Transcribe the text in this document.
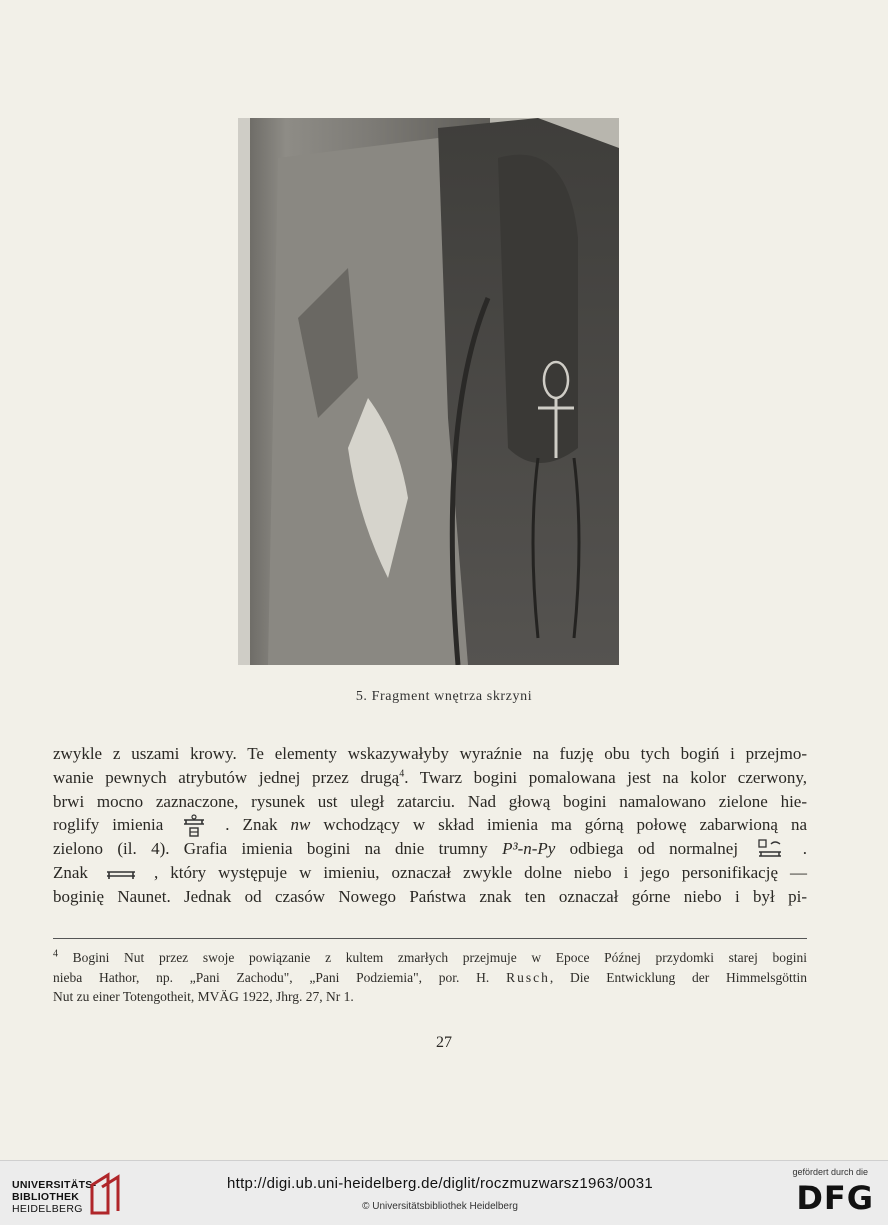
5. Fragment wnętrza skrzyni
zwykle z uszami krowy. Te elementy wskazywałyby wyraźnie na fuzję obu tych bogiń i przejmo-
wanie pewnych atrybutów jednej przez drugą$^4$. Twarz bogini pomalowana jest na kolor czerwony,
brwi mocno zaznaczone, rysunek ust uległ zatarciu. Nad głową bogini namalowano zielone hie-
roglify imienia	. Znak nw wchodzący w skład imienia ma górną połowę zabarwioną na
zielono (il. 4). Grafia imienia bogini na dnie trumny P³-n-Py odbiega od normalnej	.
Znak	, który występuje w imieniu, oznaczał zwykle dolne niebo i jego personifikację —
boginię Naunet. Jednak od czasów Nowego Państwa znak ten oznaczał górne niebo i był pi-
$^4$ Bogini Nut przez swoje powiązanie z kultem zmarłych przejmuje w Epoce Późnej przydomki starej bogini
nieba Hathor, np. „Pani Zachodu", „Pani Podziemia", por. H. Rusch, Die Entwicklung der Himmelsgöttin
Nut zu einer Totengotheit, MVÄG 1922, Jhrg. 27, Nr 1.
27
UNIVERSITÄTS-
BIBLIOTHEK
HEIDELBERG
http://digi.ub.uni-heidelberg.de/diglit/roczmuzwarsz1963/0031
© Universitätsbibliothek Heidelberg
gefördert durch die
DFG
